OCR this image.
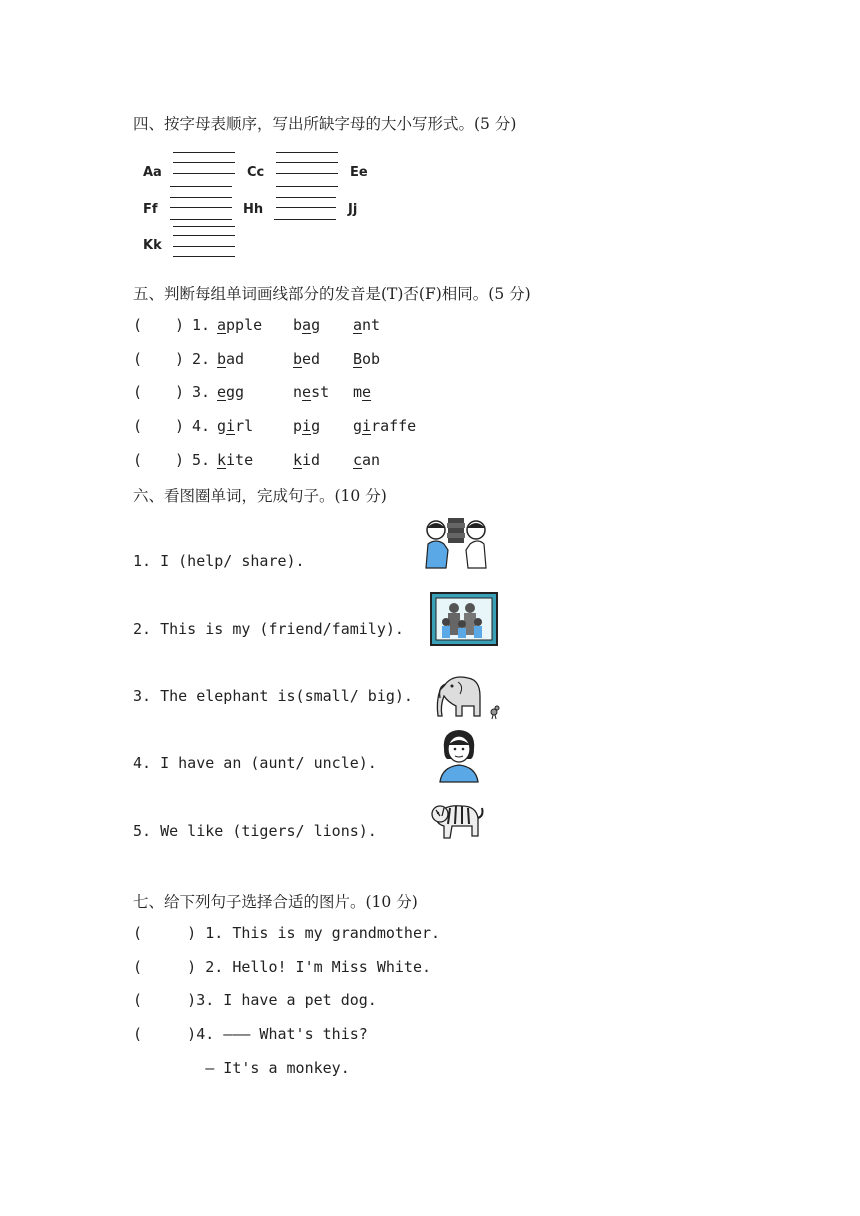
四、按字母表顺序，写出所缺字母的大小写形式。(5 分)
Aa	Cc	Ee
Ff	Hh	Jj
Kk
五、判断每组单词画线部分的发音是(T)否(F)相同。(5 分)
( ) 1. apple bag ant
( ) 2. bad	bed Bob
( ) 3. egg	nest me
( ) 4. girl	pig giraffe
( ) 5. kite	kid can
六、看图圈单词，完成句子。(10 分)
1. I (help/ share).
2. This is my (friend/family).
3. The elephant is(small/ big).
4. I have an (aunt/ uncle).
5. We like (tigers/ lions).
七、给下列句子选择合适的图片。(10 分)
(     ) 1. This is my grandmother.
(     ) 2. Hello! I'm Miss White.
(     )3. I have a pet dog.
(     )4. ——— What's this?
— It's a monkey.
